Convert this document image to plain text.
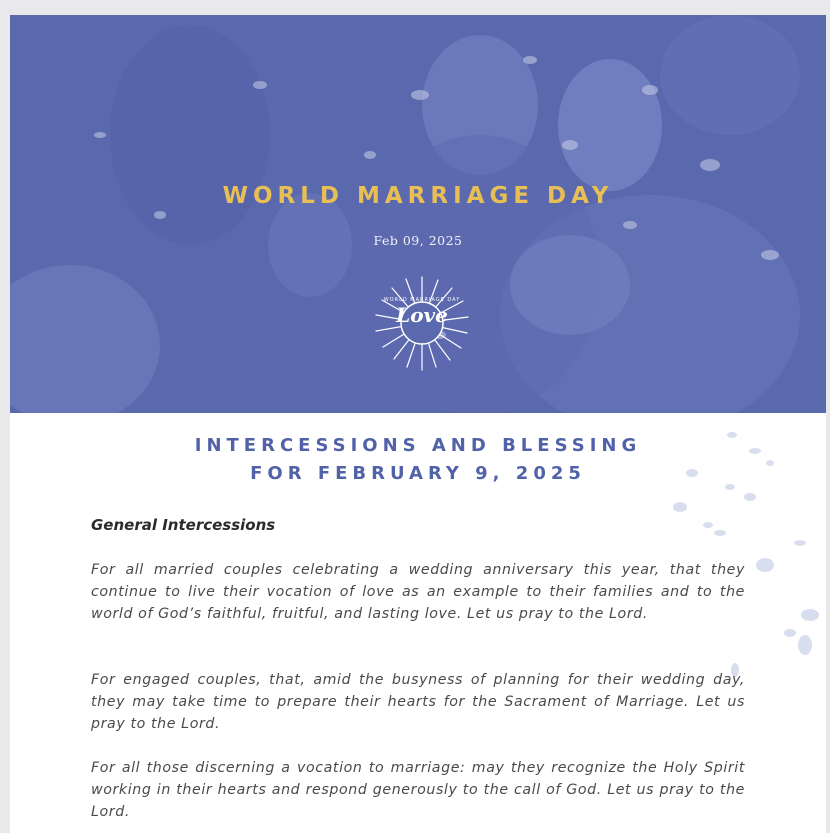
WORLD MARRIAGE DAY
Feb 09, 2025
WORLD MARRIAGE DAY
Love
INTERCESSIONS AND BLESSING
FOR FEBRUARY 9, 2025
General Intercessions
For all married couples celebrating a wedding anniversary this year, that they continue to live their vocation of love as an example to their families and to the world of God’s faithful, fruitful, and lasting love. Let us pray to the Lord.
For engaged couples, that, amid the busyness of planning for their wedding day, they may take time to prepare their hearts for the Sacrament of Marriage. Let us pray to the Lord.
For all those discerning a vocation to marriage: may they recognize the Holy Spirit working in their hearts and respond generously to the call of God. Let us pray to the Lord.
